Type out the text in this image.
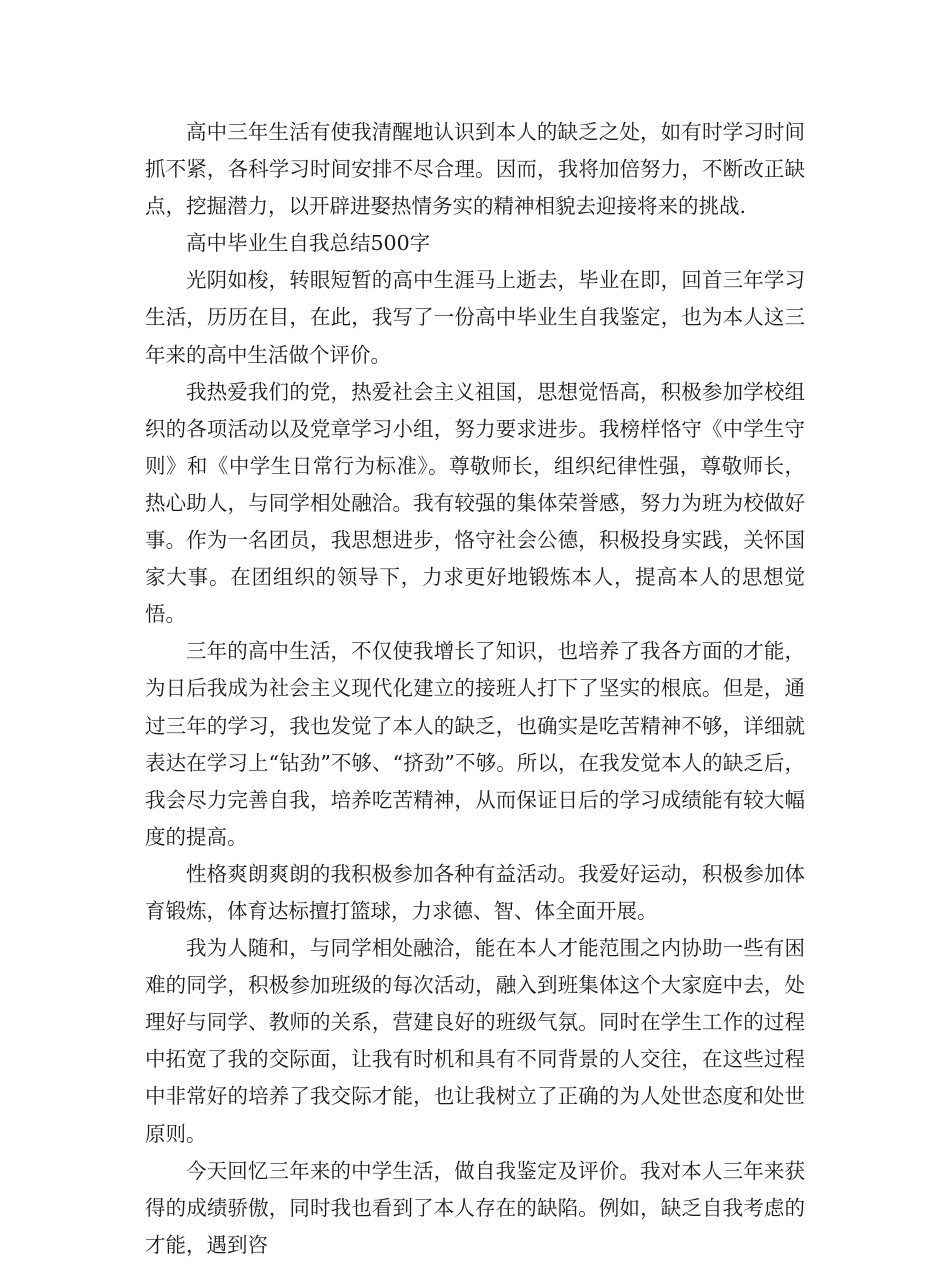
高中三年生活有使我清醒地认识到本人的缺乏之处，如有时学习时间抓不紧，各科学习时间安排不尽合理。因而，我将加倍努力，不断改正缺点，挖掘潜力，以开辟进娶热情务实的精神相貌去迎接将来的挑战.

高中毕业生自我总结500字

光阴如梭，转眼短暂的高中生涯马上逝去，毕业在即，回首三年学习生活，历历在目，在此，我写了一份高中毕业生自我鉴定，也为本人这三年来的高中生活做个评价。

我热爱我们的党，热爱社会主义祖国，思想觉悟高，积极参加学校组织的各项活动以及党章学习小组，努力要求进步。我榜样恪守《中学生守则》和《中学生日常行为标准》。尊敬师长，组织纪律性强，尊敬师长，热心助人，与同学相处融洽。我有较强的集体荣誉感，努力为班为校做好事。作为一名团员，我思想进步，恪守社会公德，积极投身实践，关怀国家大事。在团组织的领导下，力求更好地锻炼本人，提高本人的思想觉悟。

三年的高中生活，不仅使我增长了知识，也培养了我各方面的才能，为日后我成为社会主义现代化建立的接班人打下了坚实的根底。但是，通过三年的学习，我也发觉了本人的缺乏，也确实是吃苦精神不够，详细就表达在学习上“钻劲”不够、“挤劲”不够。所以，在我发觉本人的缺乏后，我会尽力完善自我，培养吃苦精神，从而保证日后的学习成绩能有较大幅度的提高。

性格爽朗爽朗的我积极参加各种有益活动。我爱好运动，积极参加体育锻炼，体育达标擅打篮球，力求德、智、体全面开展。

我为人随和，与同学相处融洽，能在本人才能范围之内协助一些有困难的同学，积极参加班级的每次活动，融入到班集体这个大家庭中去，处理好与同学、教师的关系，营建良好的班级气氛。同时在学生工作的过程中拓宽了我的交际面，让我有时机和具有不同背景的人交往，在这些过程中非常好的培养了我交际才能，也让我树立了正确的为人处世态度和处世原则。

今天回忆三年来的中学生活，做自我鉴定及评价。我对本人三年来获得的成绩骄傲，同时我也看到了本人存在的缺陷。例如，缺乏自我考虑的才能，遇到咨
